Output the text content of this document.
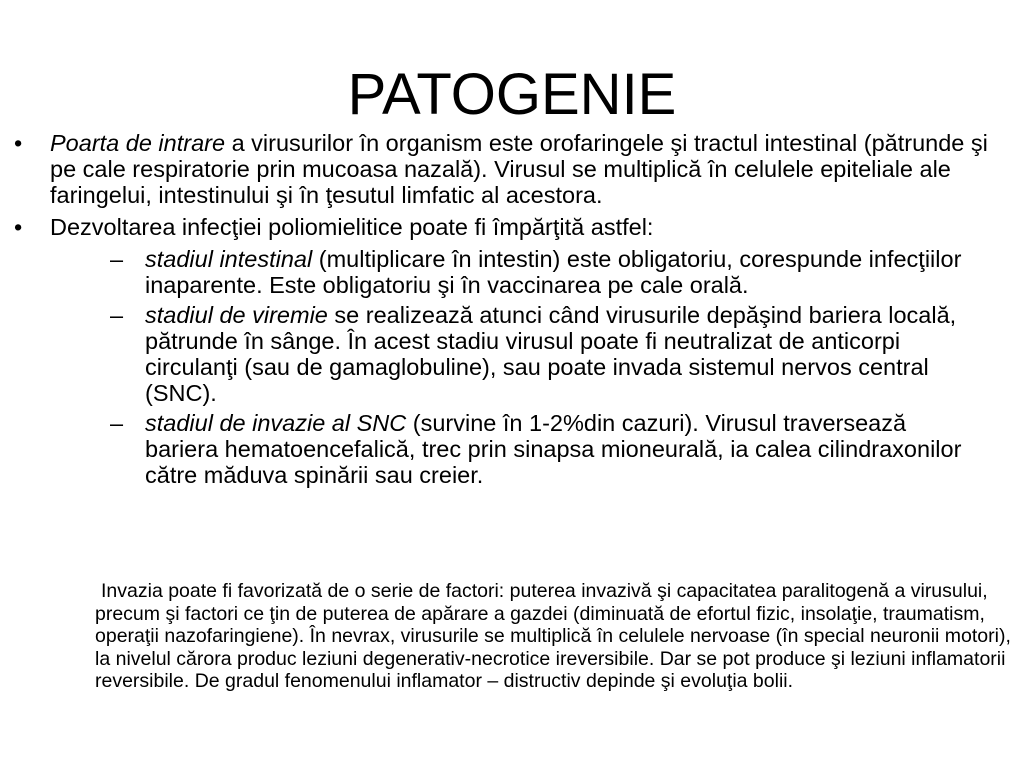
PATOGENIE
• Poarta de intrare a virusurilor în organism este orofaringele şi tractul intestinal (pătrunde şi pe cale respiratorie prin mucoasa nazală). Virusul se multiplică în celulele epiteliale ale faringelui, intestinului şi în ţesutul limfatic al acestora.
• Dezvoltarea infecţiei poliomielitice poate fi împărţită astfel:
– stadiul intestinal (multiplicare în intestin) este obligatoriu, corespunde infecţiilor inaparente. Este obligatoriu şi în vaccinarea pe cale orală.
– stadiul de viremie se realizează atunci când virusurile depăşind bariera locală, pătrunde în sânge. În acest stadiu virusul poate fi neutralizat de anticorpi circulanţi (sau de gamaglobuline), sau poate invada sistemul nervos central (SNC).
– stadiul de invazie al SNC (survine în 1-2%din cazuri). Virusul traversează bariera hematoencefalică, trec prin sinapsa mioneurală, ia calea cilindraxonilor către măduva spinării sau creier.

Invazia poate fi favorizată de o serie de factori: puterea invazivă şi capacitatea paralitogenă a virusului, precum şi factori ce ţin de puterea de apărare a gazdei (diminuată de efortul fizic, insolaţie, traumatism, operaţii nazofaringiene). În nevrax, virusurile se multiplică în celulele nervoase (în special neuronii motori), la nivelul cărora produc leziuni degenerativ-necrotice ireversibile. Dar se pot produce şi leziuni inflamatorii reversibile. De gradul fenomenului inflamator – distructiv depinde şi evoluţia bolii.
